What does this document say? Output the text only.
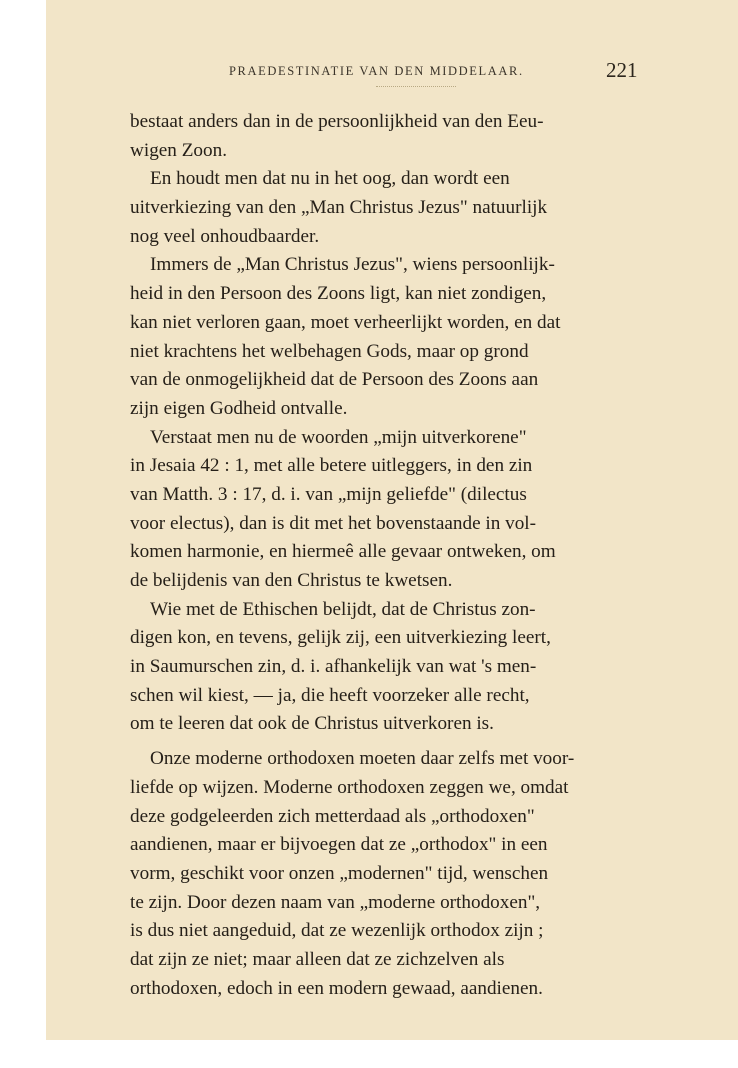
PRAEDESTINATIE VAN DEN MIDDELAAR.	221
bestaat anders dan in de persoonlijkheid van den Eeu-
wigen Zoon.
En houdt men dat nu in het oog, dan wordt een
uitverkiezing van den „Man Christus Jezus" natuurlijk
nog veel onhoudbaarder.
Immers de „Man Christus Jezus", wiens persoonlijk-
heid in den Persoon des Zoons ligt, kan niet zondigen,
kan niet verloren gaan, moet verheerlijkt worden, en dat
niet krachtens het welbehagen Gods, maar op grond
van de onmogelijkheid dat de Persoon des Zoons aan
zijn eigen Godheid ontvalle.
Verstaat men nu de woorden „mijn uitverkorene"
in Jesaia 42 : 1, met alle betere uitleggers, in den zin
van Matth. 3 : 17, d. i. van „mijn geliefde" (dilectus
voor electus), dan is dit met het bovenstaande in vol-
komen harmonie, en hiermeê alle gevaar ontweken, om
de belijdenis van den Christus te kwetsen.
Wie met de Ethischen belijdt, dat de Christus zon-
digen kon, en tevens, gelijk zij, een uitverkiezing leert,
in Saumurschen zin, d. i. afhankelijk van wat 's men-
schen wil kiest, — ja, die heeft voorzeker alle recht,
om te leeren dat ook de Christus uitverkoren is.
Onze moderne orthodoxen moeten daar zelfs met voor-
liefde op wijzen. Moderne orthodoxen zeggen we, omdat
deze godgeleerden zich metterdaad als „orthodoxen"
aandienen, maar er bijvoegen dat ze „orthodox" in een
vorm, geschikt voor onzen „modernen" tijd, wenschen
te zijn. Door dezen naam van „moderne orthodoxen",
is dus niet aangeduid, dat ze wezenlijk orthodox zijn ;
dat zijn ze niet; maar alleen dat ze zichzelven als
orthodoxen, edoch in een modern gewaad, aandienen.
